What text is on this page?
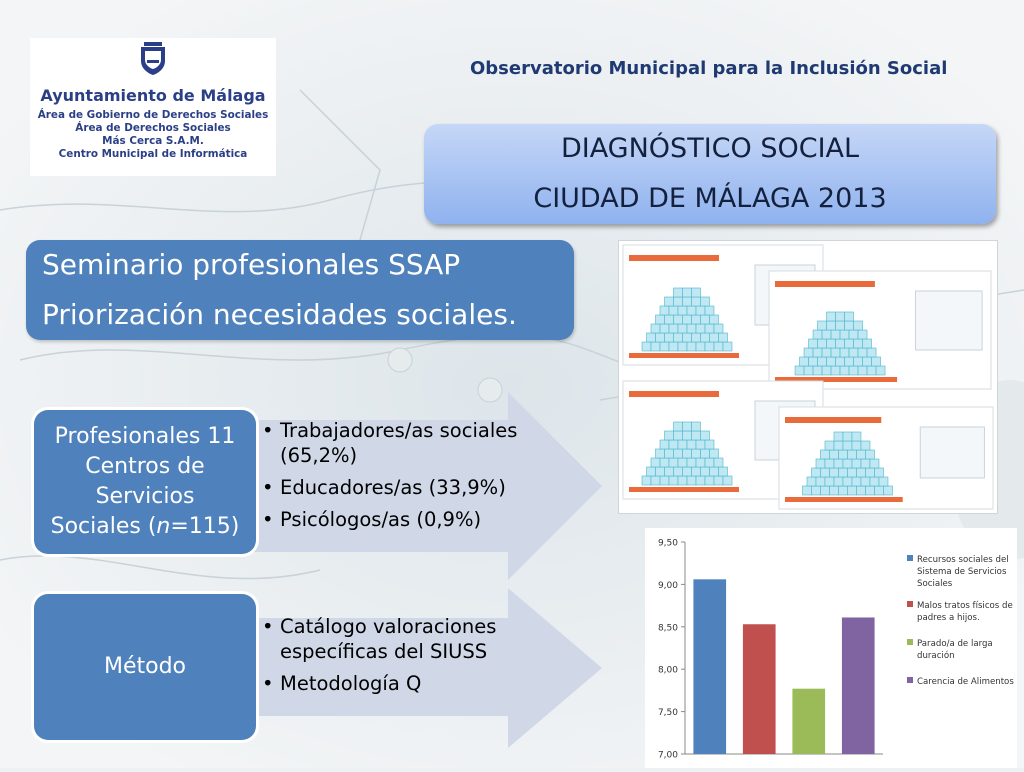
Ayuntamiento de Málaga
Área de Gobierno de Derechos Sociales
Área de Derechos Sociales
Más Cerca S.A.M.
Centro Municipal de Informática
Observatorio Municipal para la Inclusión Social
DIAGNÓSTICO SOCIAL
CIUDAD DE MÁLAGA 2013
Seminario profesionales SSAP
Priorización necesidades sociales.
Profesionales 11
Centros de
Servicios
Sociales (n=115)
• Trabajadores/as sociales (65,2%)
• Educadores/as (33,9%)
• Psicólogos/as (0,9%)
Método
• Catálogo valoraciones específicas del SIUSS
• Metodología Q
7,00
7,50
8,00
8,50
9,00
9,50
Recursos sociales del
Sistema de Servicios
Sociales
Malos tratos físicos de
padres a hijos.
Parado/a de larga
duración
Carencia de Alimentos
